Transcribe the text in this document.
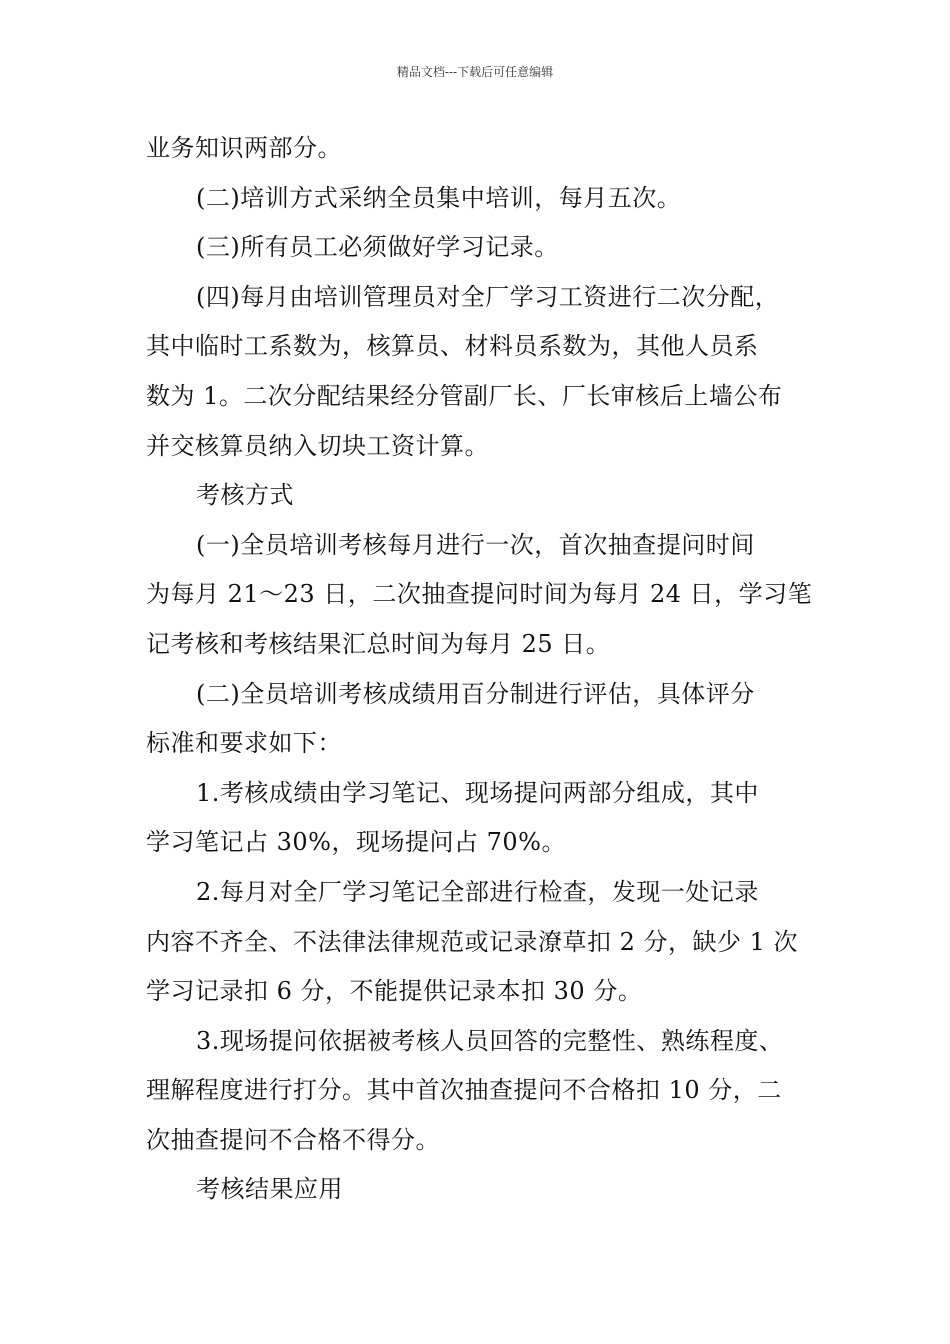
精品文档---下载后可任意编辑
业务知识两部分。
(二)培训方式采纳全员集中培训，每月五次。
(三)所有员工必须做好学习记录。
(四)每月由培训管理员对全厂学习工资进行二次分配，
其中临时工系数为，核算员、材料员系数为，其他人员系
数为 1。二次分配结果经分管副厂长、厂长审核后上墙公布
并交核算员纳入切块工资计算。
考核方式
(一)全员培训考核每月进行一次，首次抽查提问时间
为每月 21～23 日，二次抽查提问时间为每月 24 日，学习笔
记考核和考核结果汇总时间为每月 25 日。
(二)全员培训考核成绩用百分制进行评估，具体评分
标准和要求如下：
1.考核成绩由学习笔记、现场提问两部分组成，其中
学习笔记占 30%，现场提问占 70%。
2.每月对全厂学习笔记全部进行检查，发现一处记录
内容不齐全、不法律法律规范或记录潦草扣 2 分，缺少 1 次
学习记录扣 6 分，不能提供记录本扣 30 分。
3.现场提问依据被考核人员回答的完整性、熟练程度、
理解程度进行打分。其中首次抽查提问不合格扣 10 分，二
次抽查提问不合格不得分。
考核结果应用
